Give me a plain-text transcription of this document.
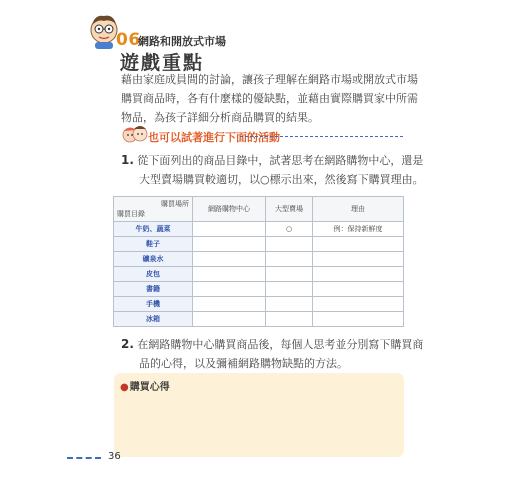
06
網路和開放式市場
遊戲重點
藉由家庭成員間的討論，讓孩子理解在網路市場或開放式市場購買商品時，各有什麼樣的優缺點，並藉由實際購買家中所需物品，為孩子詳細分析商品購買的結果。
也可以試著進行下面的活動
1. 從下面列出的商品目錄中，試著思考在網路購物中心，還是大型賣場購買較適切，以○標示出來，然後寫下購買理由。
購買場所
購買目錄	網路購物中心	大型賣場	理由
牛奶、蔬菜		○	例：保持新鮮度
鞋子			
礦泉水			
皮包			
書籍			
手機			
冰箱			
2. 在網路購物中心購買商品後，每個人思考並分別寫下購買商品的心得，以及彌補網路購物缺點的方法。
●購買心得
36
